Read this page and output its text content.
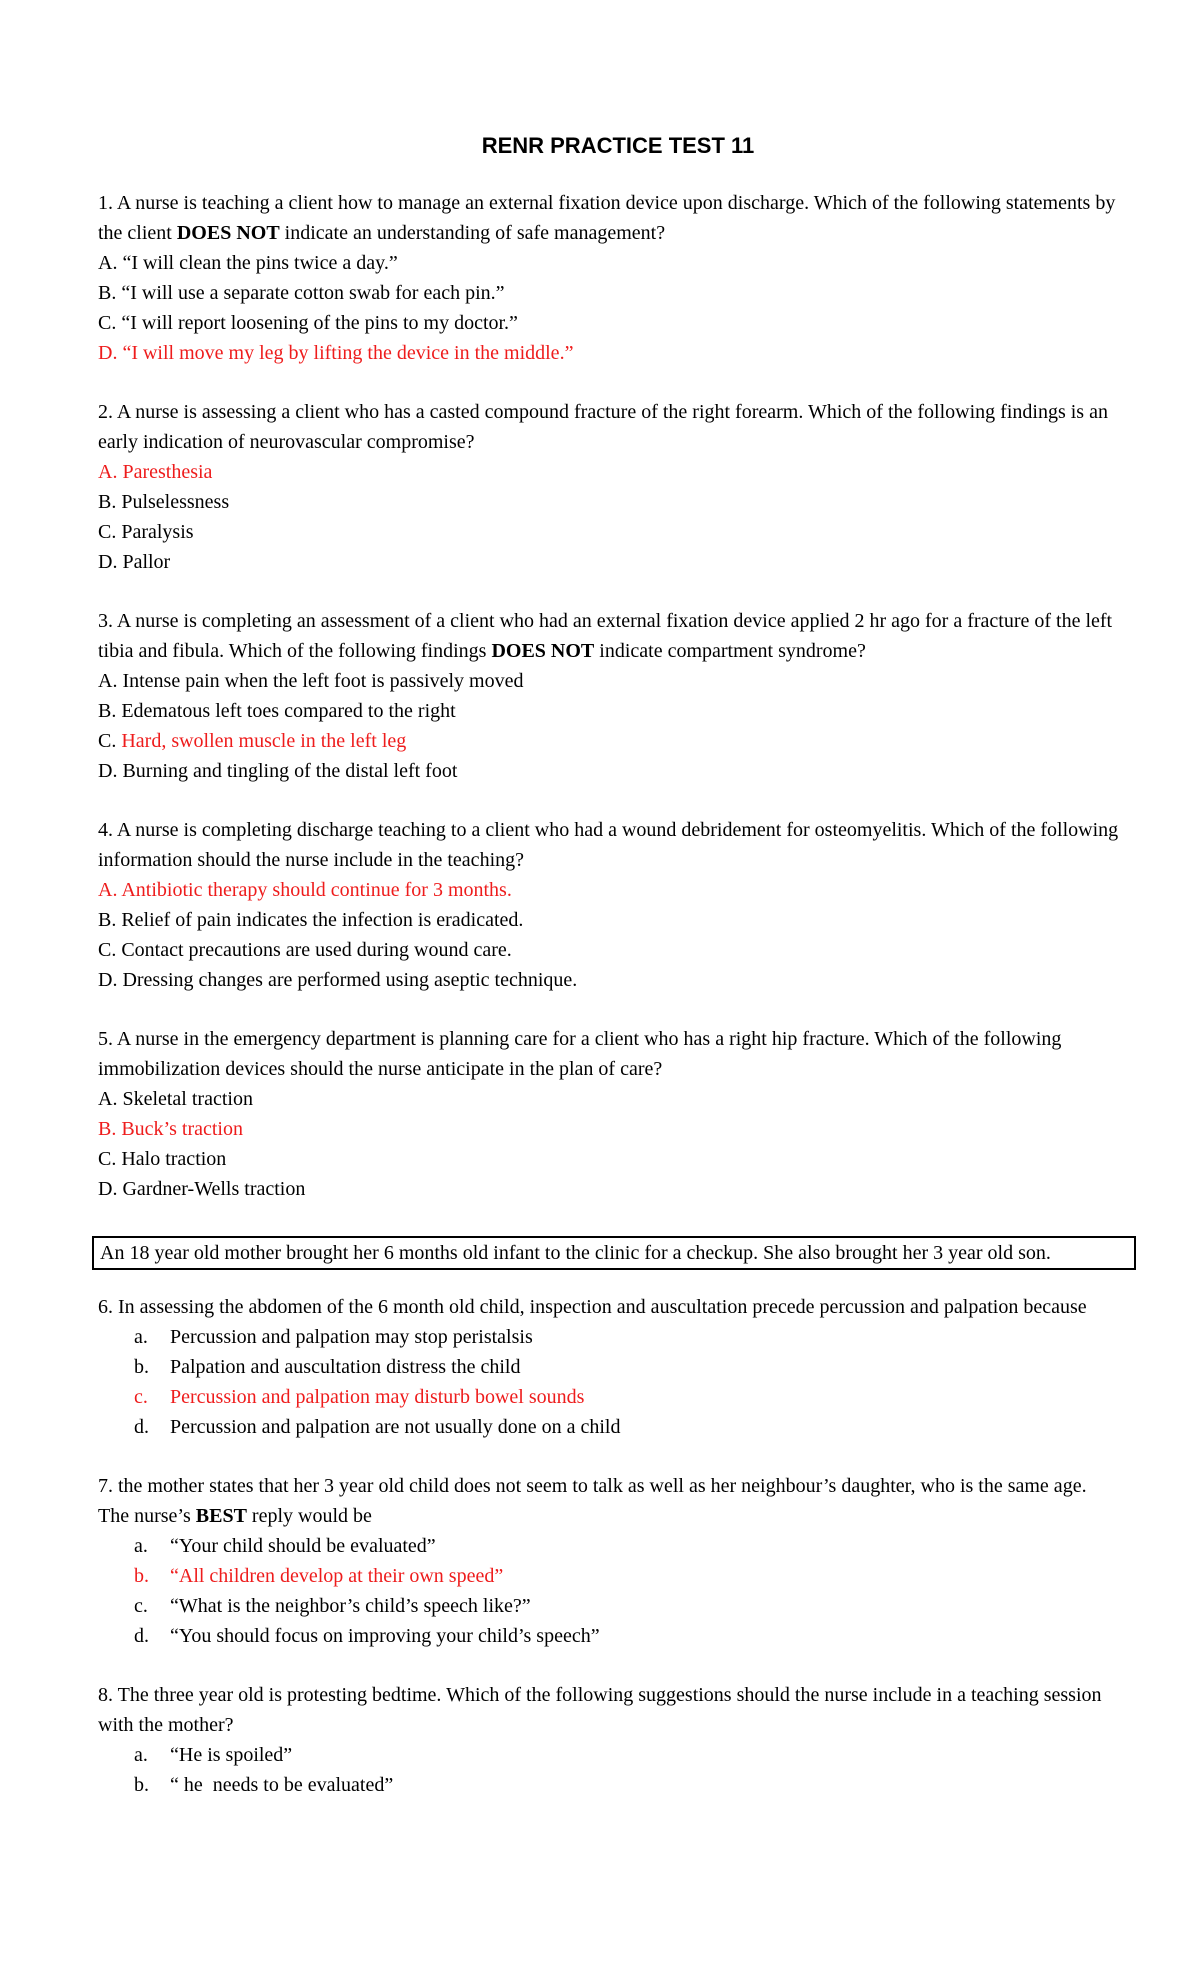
RENR PRACTICE TEST 11

1. A nurse is teaching a client how to manage an external fixation device upon discharge. Which of the following statements by the client DOES NOT indicate an understanding of safe management?

A. “I will clean the pins twice a day.”

B. “I will use a separate cotton swab for each pin.”

C. “I will report loosening of the pins to my doctor.”

D. “I will move my leg by lifting the device in the middle.”

2. A nurse is assessing a client who has a casted compound fracture of the right forearm. Which of the following findings is an early indication of neurovascular compromise?

A. Paresthesia

B. Pulselessness

C. Paralysis

D. Pallor

3. A nurse is completing an assessment of a client who had an external fixation device applied 2 hr ago for a fracture of the left tibia and fibula. Which of the following findings DOES NOT indicate compartment syndrome?

A. Intense pain when the left foot is passively moved

B. Edematous left toes compared to the right

C. Hard, swollen muscle in the left leg

D. Burning and tingling of the distal left foot

4. A nurse is completing discharge teaching to a client who had a wound debridement for osteomyelitis. Which of the following information should the nurse include in the teaching?

A. Antibiotic therapy should continue for 3 months.

B. Relief of pain indicates the infection is eradicated.

C. Contact precautions are used during wound care.

D. Dressing changes are performed using aseptic technique.

5. A nurse in the emergency department is planning care for a client who has a right hip fracture. Which of the following immobilization devices should the nurse anticipate in the plan of care?

A. Skeletal traction

B. Buck’s traction

C. Halo traction

D. Gardner-Wells traction

An 18 year old mother brought her 6 months old infant to the clinic for a checkup. She also brought her 3 year old son.

6. In assessing the abdomen of the 6 month old child, inspection and auscultation precede percussion and palpation because

a.	Percussion and palpation may stop peristalsis

b.	Palpation and auscultation distress the child

c.	Percussion and palpation may disturb bowel sounds

d.	Percussion and palpation are not usually done on a child

7. the mother states that her 3 year old child does not seem to talk as well as her neighbour’s daughter, who is the same age. The nurse’s BEST reply would be

a.	“Your child should be evaluated”

b.	“All children develop at their own speed”

c.	“What is the neighbor’s child’s speech like?”

d.	“You should focus on improving your child’s speech”

8. The three year old is protesting bedtime. Which of the following suggestions should the nurse include in a teaching session with the mother?

a.	“He is spoiled”

b.	“ he  needs to be evaluated”
